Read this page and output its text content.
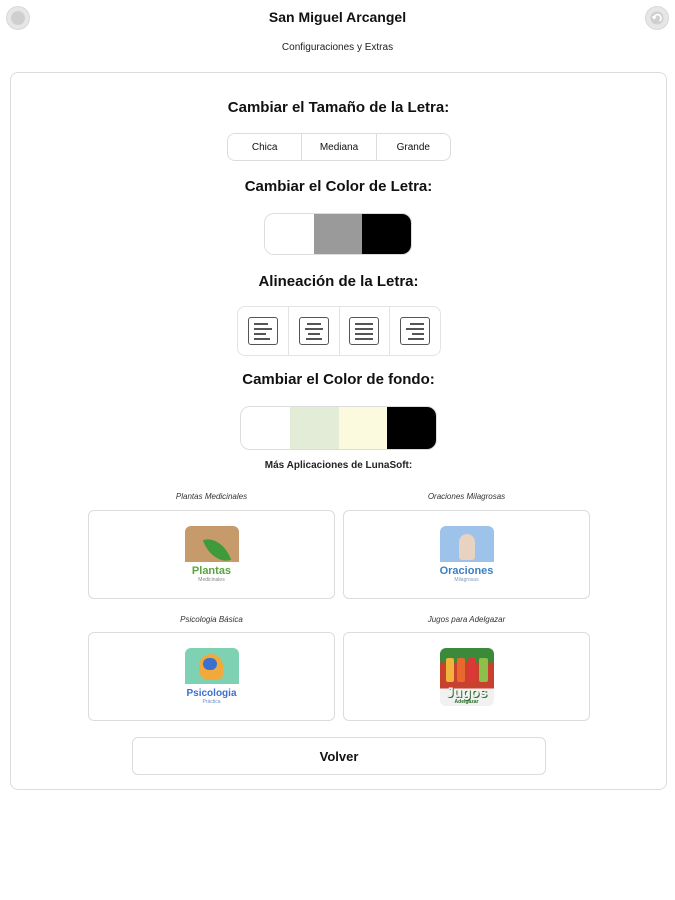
San Miguel Arcangel
Configuraciones y Extras
Cambiar el Tamaño de la Letra:
Chica	Mediana	Grande
Cambiar el Color de Letra:
Alineación de la Letra:
Cambiar el Color de fondo:
Más Aplicaciones de LunaSoft:
Plantas Medicinales
Plantas
Medicinales
Oraciones Milagrosas
Oraciones
Milagrosas
Psicologia Básica
Psicologia
Práctica
Jugos para Adelgazar
Jugos
Adelgazar
Volver
